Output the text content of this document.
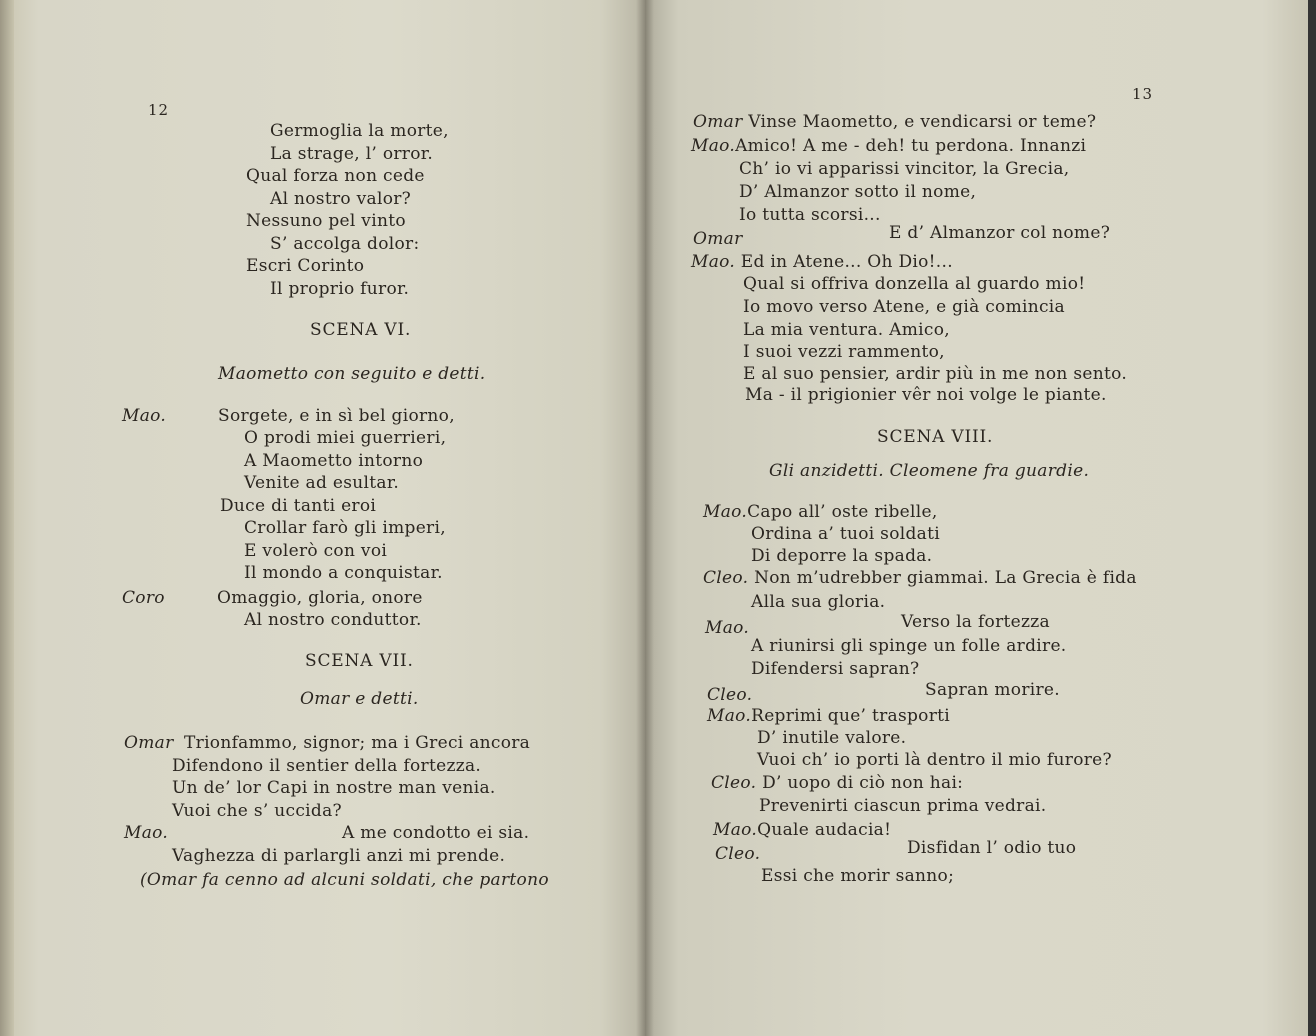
12
Germoglia la morte,
La strage, l’ orror.
Qual forza non cede
Al nostro valor?
Nessuno pel vinto
S’ accolga dolor:
Escri Corinto
Il proprio furor.
SCENA VI.
Maometto con seguito e detti.
Mao.	Sorgete, e in sì bel giorno,
O prodi miei guerrieri,
A Maometto intorno
Venite ad esultar.
Duce di tanti eroi
Crollar farò gli imperi,
E volerò con voi
Il mondo a conquistar.
Coro	Omaggio, gloria, onore
Al nostro conduttor.
SCENA VII.
Omar e detti.
Omar Trionfammo, signor; ma i Greci ancora
Difendono il sentier della fortezza.
Un de’ lor Capi in nostre man venia.
Vuoi che s’ uccida?
Mao.	A me condotto ei sia.
Vaghezza di parlargli anzi mi prende.
(Omar fa cenno ad alcuni soldati, che partono
13
Omar Vinse Maometto, e vendicarsi or teme?
Mao.Amico! A me - deh! tu perdona. Innanzi
Ch’ io vi apparissi vincitor, la Grecia,
D’ Almanzor sotto il nome,
Io tutta scorsi...
Omar	E d’ Almanzor col nome?
Mao. Ed in Atene... Oh Dio!...
Qual si offriva donzella al guardo mio!
Io movo verso Atene, e già comincia
La mia ventura. Amico,
I suoi vezzi rammento,
E al suo pensier, ardir più in me non sento.
Ma - il prigionier vêr noi volge le piante.
SCENA VIII.
Gli anzidetti. Cleomene fra guardie.
Mao.Capo all’ oste ribelle,
Ordina a’ tuoi soldati
Di deporre la spada.
Cleo. Non m’udrebber giammai. La Grecia è fida
Alla sua gloria.
Mao.	Verso la fortezza
A riunirsi gli spinge un folle ardire.
Difendersi sapran?
Cleo.	Sapran morire.
Mao.Reprimi que’ trasporti
D’ inutile valore.
Vuoi ch’ io porti là dentro il mio furore?
Cleo. D’ uopo di ciò non hai:
Prevenirti ciascun prima vedrai.
Mao.Quale audacia!
Cleo.	Disfidan l’ odio tuo
Essi che morir sanno;
